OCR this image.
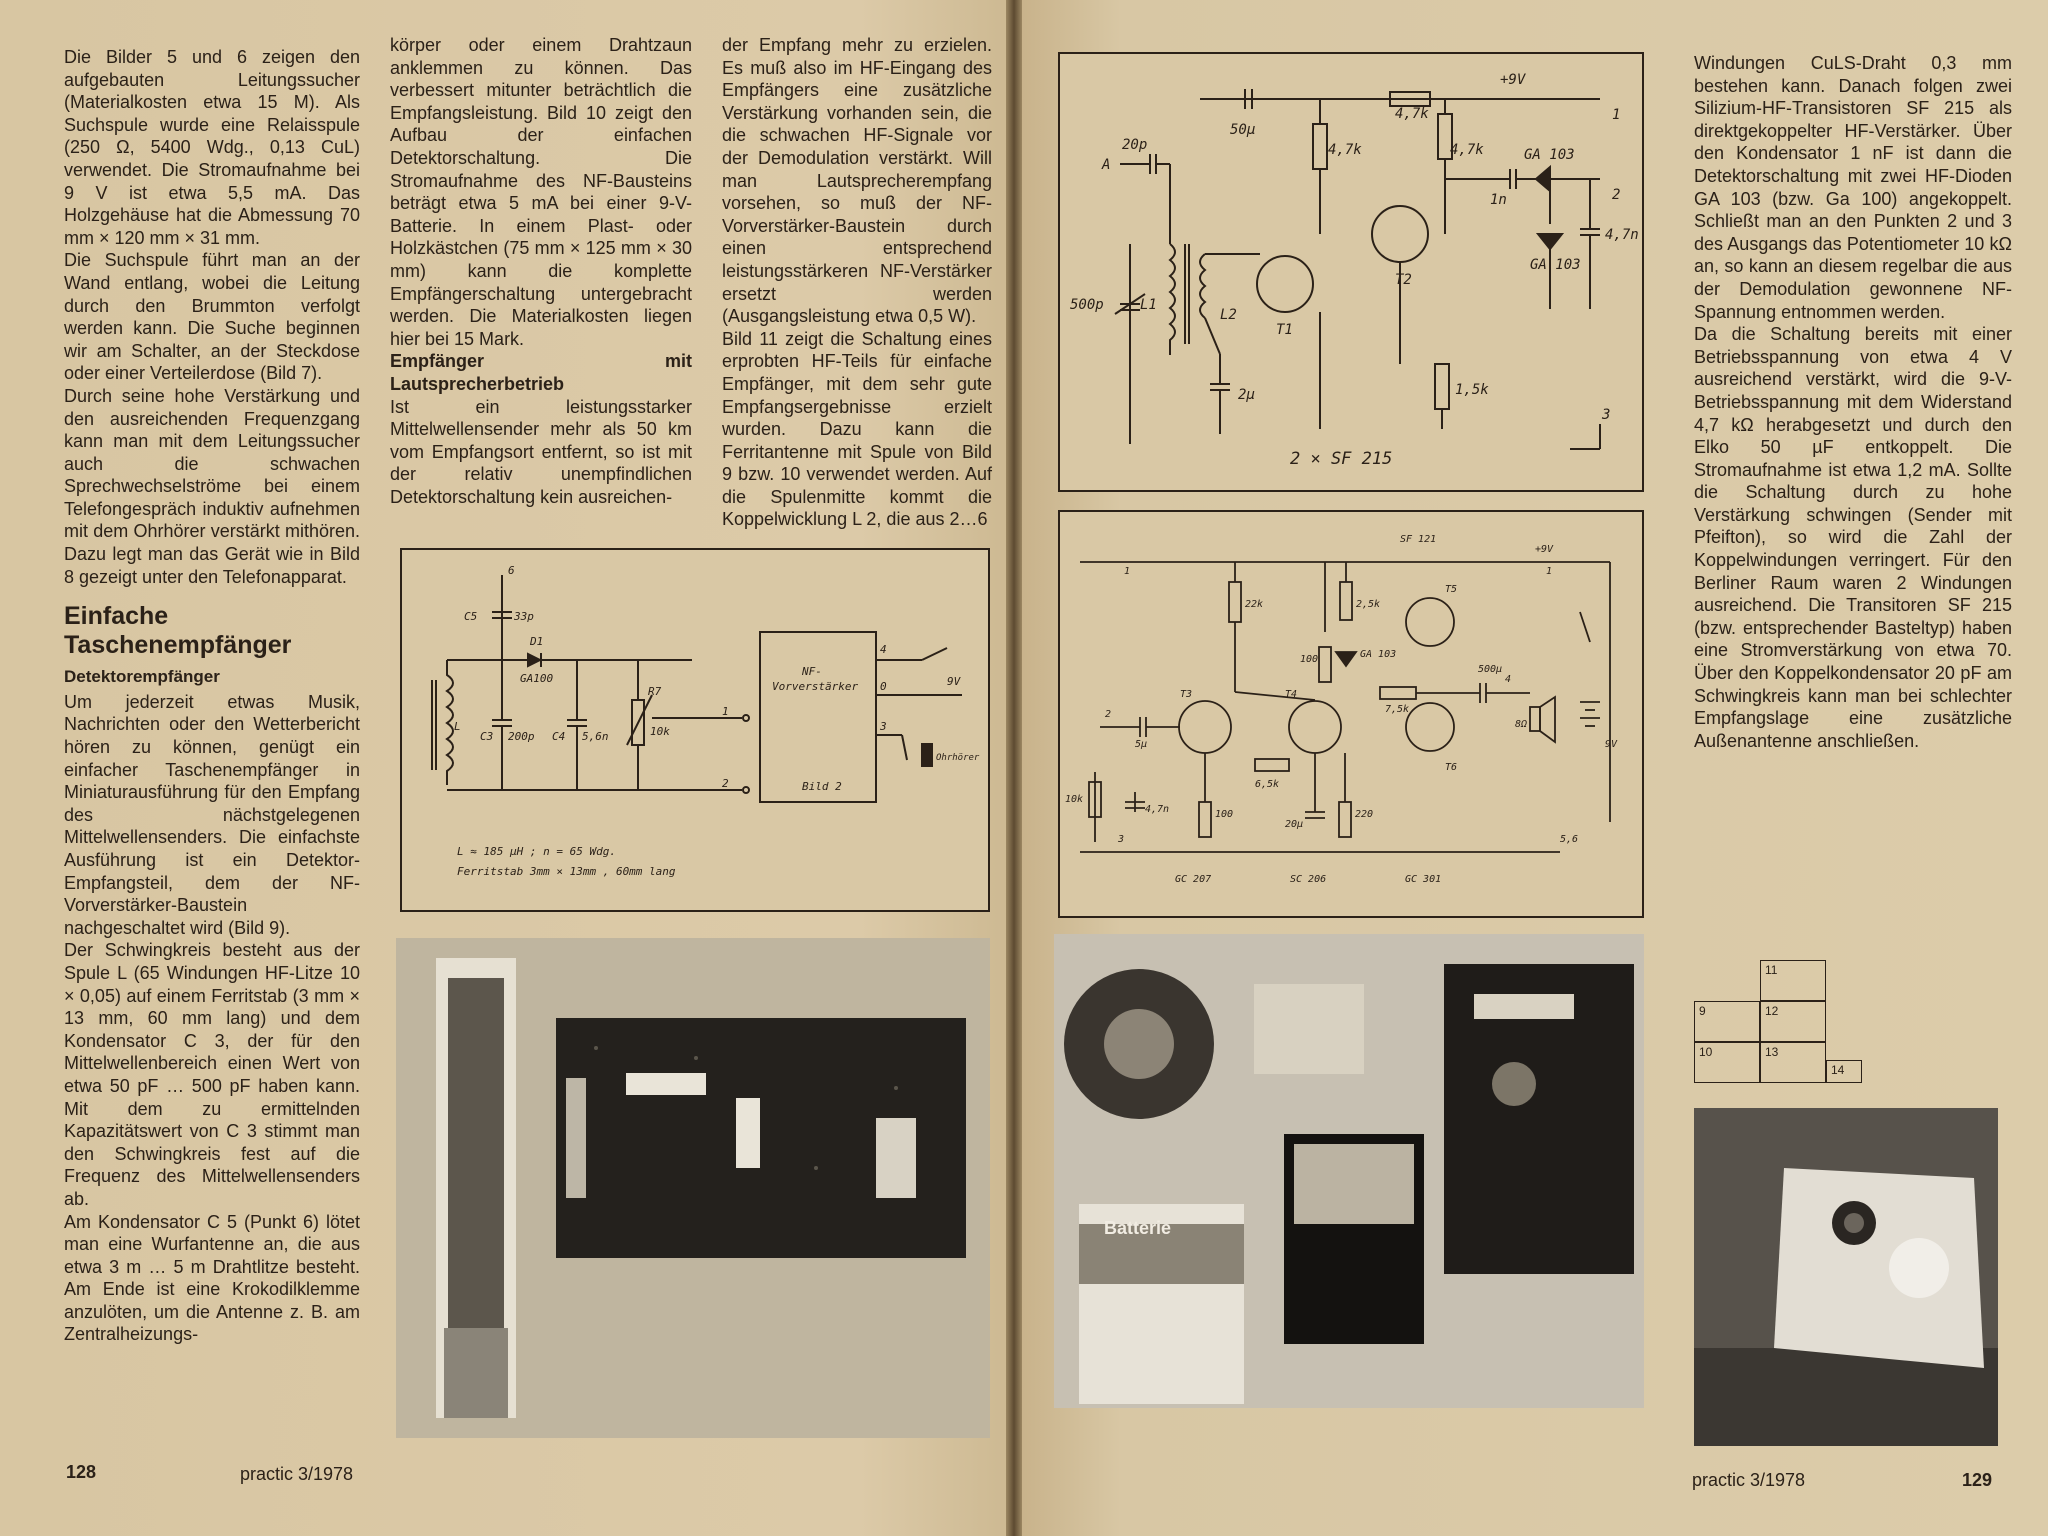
Die Bilder 5 und 6 zeigen den aufgebauten Leitungssucher (Materialkosten etwa 15 M). Als Suchspule wurde eine Relaisspule (250 Ω, 5400 Wdg., 0,13 CuL) verwendet. Die Stromaufnahme bei 9 V ist etwa 5,5 mA. Das Holzgehäuse hat die Abmessung 70 mm × 120 mm × 31 mm.

Die Suchspule führt man an der Wand entlang, wobei die Leitung durch den Brummton verfolgt werden kann. Die Suche beginnen wir am Schalter, an der Steckdose oder einer Verteilerdose (Bild 7).

Durch seine hohe Verstärkung und den ausreichenden Frequenzgang kann man mit dem Leitungssucher auch die schwachen Sprechwechselströme bei einem Telefongespräch induktiv aufnehmen mit dem Ohrhörer verstärkt mithören. Dazu legt man das Gerät wie in Bild 8 gezeigt unter den Telefonapparat.

Einfache Taschenempfänger
Detektorempfänger

Um jederzeit etwas Musik, Nachrichten oder den Wetterbericht hören zu können, genügt ein einfacher Taschenempfänger in Miniaturausführung für den Empfang des nächstgelegenen Mittelwellensenders. Die einfachste Ausführung ist ein Detektor-Empfangsteil, dem der NF-Vorverstärker-Baustein nachgeschaltet wird (Bild 9).

Der Schwingkreis besteht aus der Spule L (65 Windungen HF-Litze 10 × 0,05) auf einem Ferritstab (3 mm × 13 mm, 60 mm lang) und dem Kondensator C 3, der für den Mittelwellenbereich einen Wert von etwa 50 pF … 500 pF haben kann. Mit dem zu ermittelnden Kapazitätswert von C 3 stimmt man den Schwingkreis fest auf die Frequenz des Mittelwellensenders ab.

Am Kondensator C 5 (Punkt 6) lötet man eine Wurfantenne an, die aus etwa 3 m … 5 m Drahtlitze besteht. Am Ende ist eine Krokodilklemme anzulöten, um die Antenne z. B. am Zentralheizungs-

körper oder einem Drahtzaun anklemmen zu können. Das verbessert mitunter beträchtlich die Empfangsleistung. Bild 10 zeigt den Aufbau der einfachen Detektorschaltung. Die Stromaufnahme des NF-Bausteins beträgt etwa 5 mA bei einer 9-V-Batterie. In einem Plast- oder Holzkästchen (75 mm × 125 mm × 30 mm) kann die komplette Empfängerschaltung untergebracht werden. Die Materialkosten liegen hier bei 15 Mark.

Empfänger mit Lautsprecherbetrieb

Ist ein leistungsstarker Mittelwellensender mehr als 50 km vom Empfangsort entfernt, so ist mit der relativ unempfindlichen Detektorschaltung kein ausreichen-

der Empfang mehr zu erzielen. Es muß also im HF-Eingang des Empfängers eine zusätzliche Verstärkung vorhanden sein, die die schwachen HF-Signale vor der Demodulation verstärkt. Will man Lautsprecherempfang vorsehen, so muß der NF-Vorverstärker-Baustein durch einen entsprechend leistungsstärkeren NF-Verstärker ersetzt werden (Ausgangsleistung etwa 0,5 W).

Bild 11 zeigt die Schaltung eines erprobten HF-Teils für einfache Empfänger, mit dem sehr gute Empfangsergebnisse erzielt wurden. Dazu kann die Ferritantenne mit Spule von Bild 9 bzw. 10 verwendet werden. Auf die Spulenmitte kommt die Koppelwicklung L 2, die aus 2…6

6
C5	33p
D1
GA100
C3 200p C4 5,6n
R7
10k
L
1
2
4
0
3
9V
Ohrhörer
NF-
Vorverstärker
Bild 2
L ≈ 185 µH ; n = 65 Wdg.
Ferritstab 3mm × 13mm , 60mm lang
128	practic 3/1978
+9V
50µ
4,7k	4,7k
4,7k
20p
A
500p	L1
L2
T1
T2
1n
GA 103
GA 103
4,7n
2µ	1,5k
1
2
3
2 × SF 215
SF 121
+9V
1	1
22k	2,5k
T5
100	GA 103
500µ
7,5k
4
T3	T4
2
5µ
6,5k
T6
8Ω
9V
10k
4,7n	100
20µ
220
5,6
3
GC 207	SC 206	GC 301

Windungen CuLS-Draht 0,3 mm bestehen kann. Danach folgen zwei Silizium-HF-Transistoren SF 215 als direktgekoppelter HF-Verstärker. Über den Kondensator 1 nF ist dann die Detektorschaltung mit zwei HF-Dioden GA 103 (bzw. Ga 100) angekoppelt. Schließt man an den Punkten 2 und 3 des Ausgangs das Potentiometer 10 kΩ an, so kann an diesem regelbar die aus der Demodulation gewonnene NF-Spannung entnommen werden.

Da die Schaltung bereits mit einer Betriebsspannung von etwa 4 V ausreichend verstärkt, wird die 9-V-Betriebsspannung mit dem Widerstand 4,7 kΩ herabgesetzt und durch den Elko 50 µF entkoppelt. Die Stromaufnahme ist etwa 1,2 mA. Sollte die Schaltung durch zu hohe Verstärkung schwingen (Sender mit Pfeifton), so wird die Zahl der Koppelwindungen verringert. Für den Berliner Raum waren 2 Windungen ausreichend. Die Transitoren SF 215 (bzw. entsprechender Basteltyp) haben eine Stromverstärkung von etwa 70. Über den Koppelkondensator 20 pF am Schwingkreis kann man bei schlechter Empfangslage eine zusätzliche Außenantenne anschließen.

Batterie
11
9	12
10	13
14
practic 3/1978	129
